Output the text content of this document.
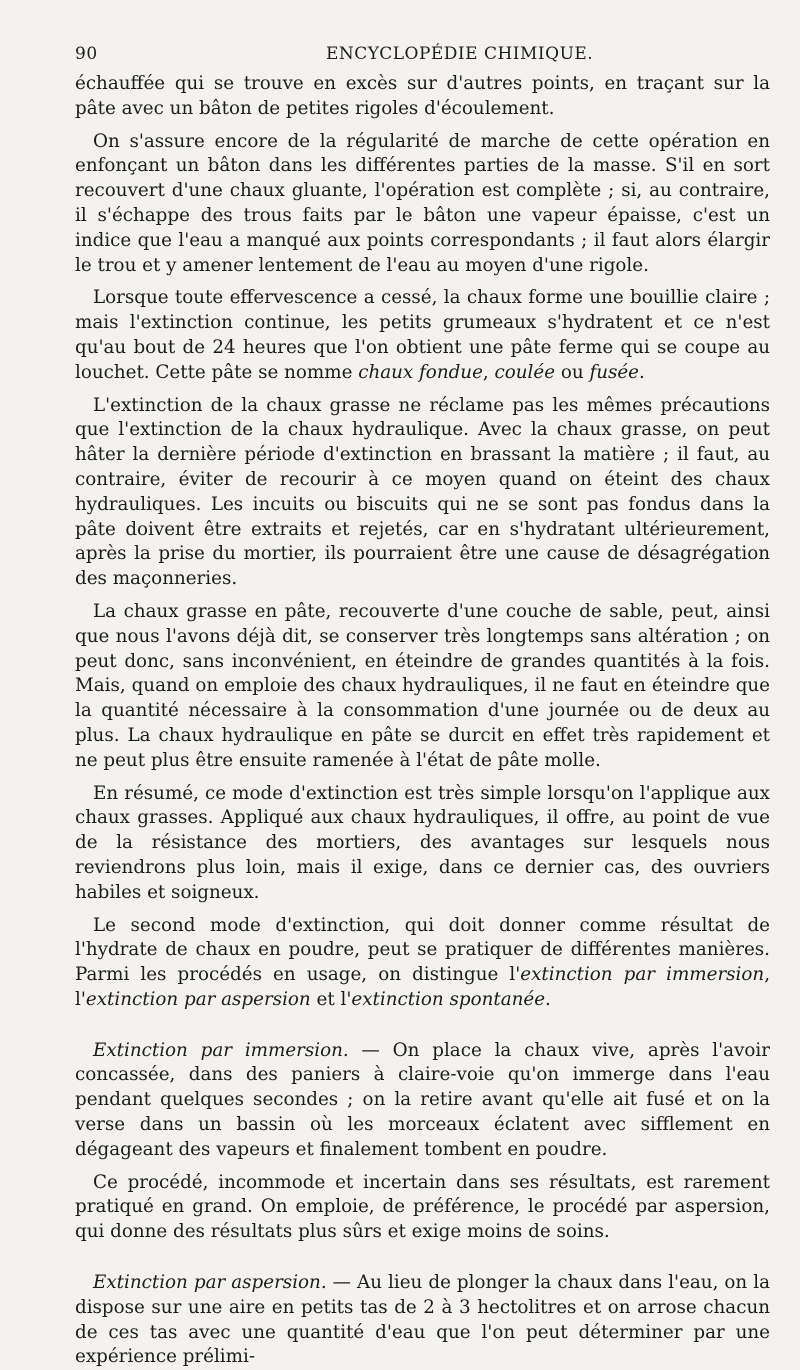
90	ENCYCLOPÉDIE CHIMIQUE.

échauffée qui se trouve en excès sur d'autres points, en traçant sur la pâte avec un bâton de petites rigoles d'écoulement.

On s'assure encore de la régularité de marche de cette opération en enfonçant un bâton dans les différentes parties de la masse. S'il en sort recouvert d'une chaux gluante, l'opération est complète ; si, au contraire, il s'échappe des trous faits par le bâton une vapeur épaisse, c'est un indice que l'eau a manqué aux points correspondants ; il faut alors élargir le trou et y amener lentement de l'eau au moyen d'une rigole.

Lorsque toute effervescence a cessé, la chaux forme une bouillie claire ; mais l'extinction continue, les petits grumeaux s'hydratent et ce n'est qu'au bout de 24 heures que l'on obtient une pâte ferme qui se coupe au louchet. Cette pâte se nomme chaux fondue, coulée ou fusée.

L'extinction de la chaux grasse ne réclame pas les mêmes précautions que l'extinction de la chaux hydraulique. Avec la chaux grasse, on peut hâter la dernière période d'extinction en brassant la matière ; il faut, au contraire, éviter de recourir à ce moyen quand on éteint des chaux hydrauliques. Les incuits ou biscuits qui ne se sont pas fondus dans la pâte doivent être extraits et rejetés, car en s'hydratant ultérieurement, après la prise du mortier, ils pourraient être une cause de désagrégation des maçonneries.

La chaux grasse en pâte, recouverte d'une couche de sable, peut, ainsi que nous l'avons déjà dit, se conserver très longtemps sans altération ; on peut donc, sans inconvénient, en éteindre de grandes quantités à la fois. Mais, quand on emploie des chaux hydrauliques, il ne faut en éteindre que la quantité nécessaire à la consommation d'une journée ou de deux au plus. La chaux hydraulique en pâte se durcit en effet très rapidement et ne peut plus être ensuite ramenée à l'état de pâte molle.

En résumé, ce mode d'extinction est très simple lorsqu'on l'applique aux chaux grasses. Appliqué aux chaux hydrauliques, il offre, au point de vue de la résistance des mortiers, des avantages sur lesquels nous reviendrons plus loin, mais il exige, dans ce dernier cas, des ouvriers habiles et soigneux.

Le second mode d'extinction, qui doit donner comme résultat de l'hydrate de chaux en poudre, peut se pratiquer de différentes manières. Parmi les procédés en usage, on distingue l'extinction par immersion, l'extinction par aspersion et l'extinction spontanée.

Extinction par immersion. — On place la chaux vive, après l'avoir concassée, dans des paniers à claire-voie qu'on immerge dans l'eau pendant quelques secondes ; on la retire avant qu'elle ait fusé et on la verse dans un bassin où les morceaux éclatent avec sifflement en dégageant des vapeurs et finalement tombent en poudre.

Ce procédé, incommode et incertain dans ses résultats, est rarement pratiqué en grand. On emploie, de préférence, le procédé par aspersion, qui donne des résultats plus sûrs et exige moins de soins.

Extinction par aspersion. — Au lieu de plonger la chaux dans l'eau, on la dispose sur une aire en petits tas de 2 à 3 hectolitres et on arrose chacun de ces tas avec une quantité d'eau que l'on peut déterminer par une expérience prélimi-
